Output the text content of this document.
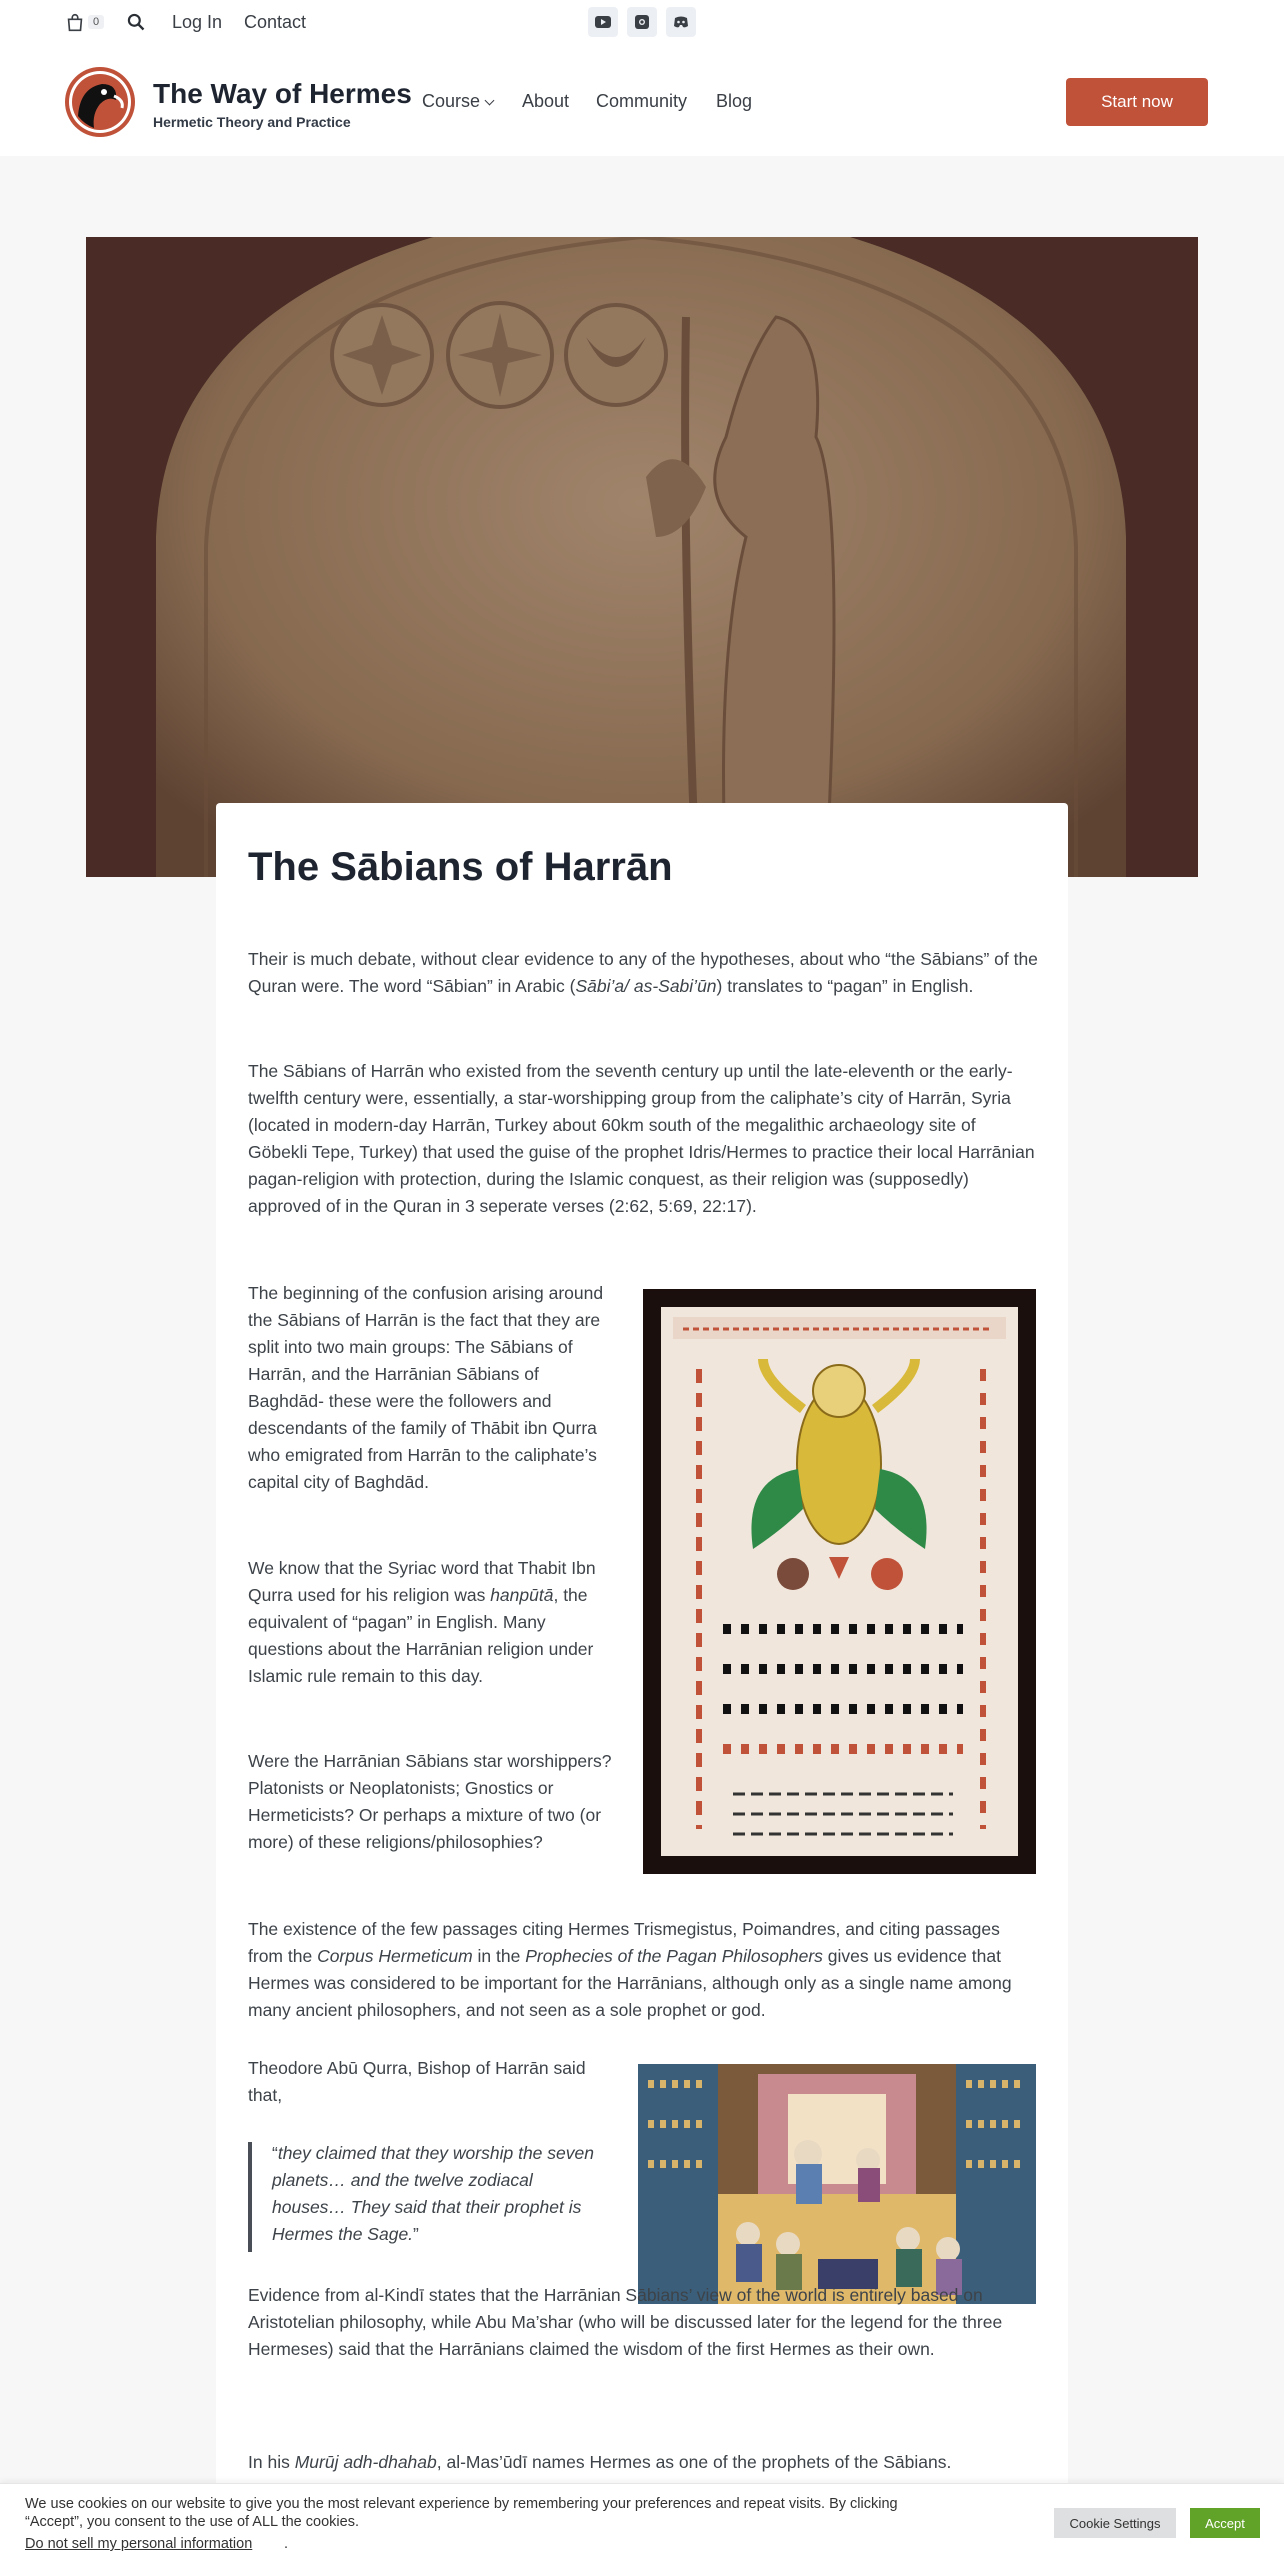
0	Log In Contact
The Way of Hermes
Hermetic Theory and Practice
Course	About Community Blog	Start now
The Sābians of Harrān

Their is much debate, without clear evidence to any of the hypotheses, about who “the Sābians” of the Quran were. The word “Sābian” in Arabic (Sābi’a/ as-Sabi’ūn) translates to “pagan” in English.

The Sābians of Harrān who existed from the seventh century up until the late-eleventh or the early-twelfth century were, essentially, a star-worshipping group from the caliphate’s city of Harrān, Syria (located in modern-day Harrān, Turkey about 60km south of the megalithic archaeology site of Göbekli Tepe, Turkey) that used the guise of the prophet Idris/Hermes to practice their local Harrānian pagan-religion with protection, during the Islamic conquest, as their religion was (supposedly) approved of in the Quran in 3 seperate verses (2:62, 5:69, 22:17).

The beginning of the confusion arising around the Sābians of Harrān is the fact that they are split into two main groups: The Sābians of Harrān, and the Harrānian Sābians of Baghdād- these were the followers and descendants of the family of Thābit ibn Qurra who emigrated from Harrān to the caliphate’s capital city of Baghdād.

We know that the Syriac word that Thabit Ibn Qurra used for his religion was hanpūtā, the equivalent of “pagan” in English. Many questions about the Harrānian religion under Islamic rule remain to this day.

Were the Harrānian Sābians star worshippers? Platonists or Neoplatonists; Gnostics or Hermeticists? Or perhaps a mixture of two (or more) of these religions/philosophies?

The existence of the few passages citing Hermes Trismegistus, Poimandres, and citing passages from the Corpus Hermeticum in the Prophecies of the Pagan Philosophers gives us evidence that Hermes was considered to be important for the Harrānians, although only as a single name among many ancient philosophers, and not seen as a sole prophet or god.

Theodore Abū Qurra, Bishop of Harrān said that,

“they claimed that they worship the seven planets… and the twelve zodiacal houses… They said that their prophet is Hermes the Sage.”

Evidence from al-Kindī states that the Harrānian Sābians’ view of the world is entirely based on Aristotelian philosophy, while Abu Ma’shar (who will be discussed later for the legend for the three Hermeses) said that the Harrānians claimed the wisdom of the first Hermes as their own.

In his Murūj adh-dhahab, al-Mas’ūdī names Hermes as one of the prophets of the Sābians.

We use cookies on our website to give you the most relevant experience by remembering your preferences and repeat visits. By clicking “Accept”, you consent to the use of ALL the cookies.

Do not sell my personal information .
Cookie Settings	Accept
